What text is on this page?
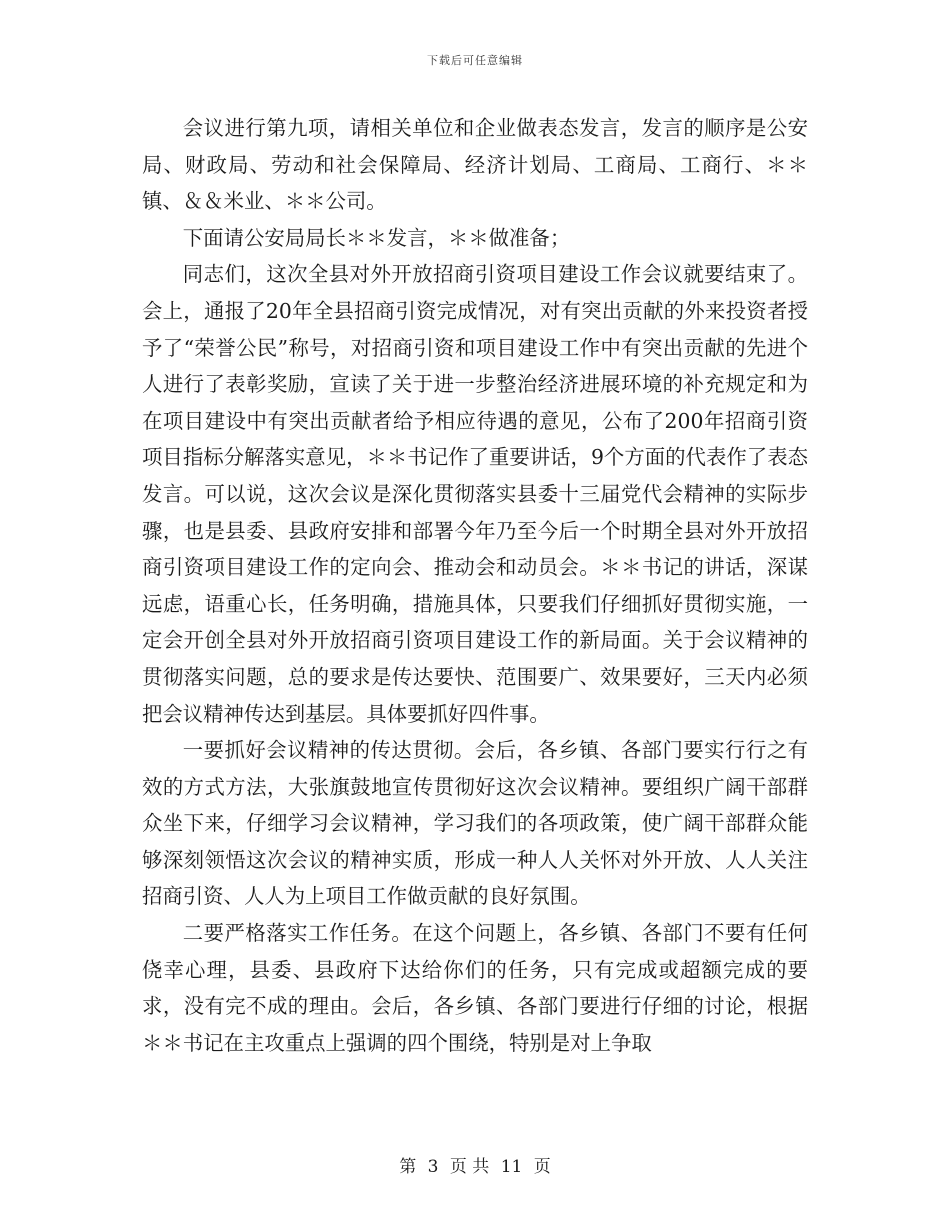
下载后可任意编辑

会议进行第九项，请相关单位和企业做表态发言，发言的顺序是公安局、财政局、劳动和社会保障局、经济计划局、工商局、工商行、＊＊镇、＆＆米业、＊＊公司。

下面请公安局局长＊＊发言，＊＊做准备；

同志们，这次全县对外开放招商引资项目建设工作会议就要结束了。会上，通报了20年全县招商引资完成情况，对有突出贡献的外来投资者授予了“荣誉公民”称号，对招商引资和项目建设工作中有突出贡献的先进个人进行了表彰奖励，宣读了关于进一步整治经济进展环境的补充规定和为在项目建设中有突出贡献者给予相应待遇的意见，公布了200年招商引资项目指标分解落实意见，＊＊书记作了重要讲话，9个方面的代表作了表态发言。可以说，这次会议是深化贯彻落实县委十三届党代会精神的实际步骤，也是县委、县政府安排和部署今年乃至今后一个时期全县对外开放招商引资项目建设工作的定向会、推动会和动员会。＊＊书记的讲话，深谋远虑，语重心长，任务明确，措施具体，只要我们仔细抓好贯彻实施，一定会开创全县对外开放招商引资项目建设工作的新局面。关于会议精神的贯彻落实问题，总的要求是传达要快、范围要广、效果要好，三天内必须把会议精神传达到基层。具体要抓好四件事。

一要抓好会议精神的传达贯彻。会后，各乡镇、各部门要实行行之有效的方式方法，大张旗鼓地宣传贯彻好这次会议精神。要组织广阔干部群众坐下来，仔细学习会议精神，学习我们的各项政策，使广阔干部群众能够深刻领悟这次会议的精神实质，形成一种人人关怀对外开放、人人关注招商引资、人人为上项目工作做贡献的良好氛围。

二要严格落实工作任务。在这个问题上，各乡镇、各部门不要有任何侥幸心理，县委、县政府下达给你们的任务，只有完成或超额完成的要求，没有完不成的理由。会后，各乡镇、各部门要进行仔细的讨论，根据＊＊书记在主攻重点上强调的四个围绕，特别是对上争取

第 3 页 共 11 页
